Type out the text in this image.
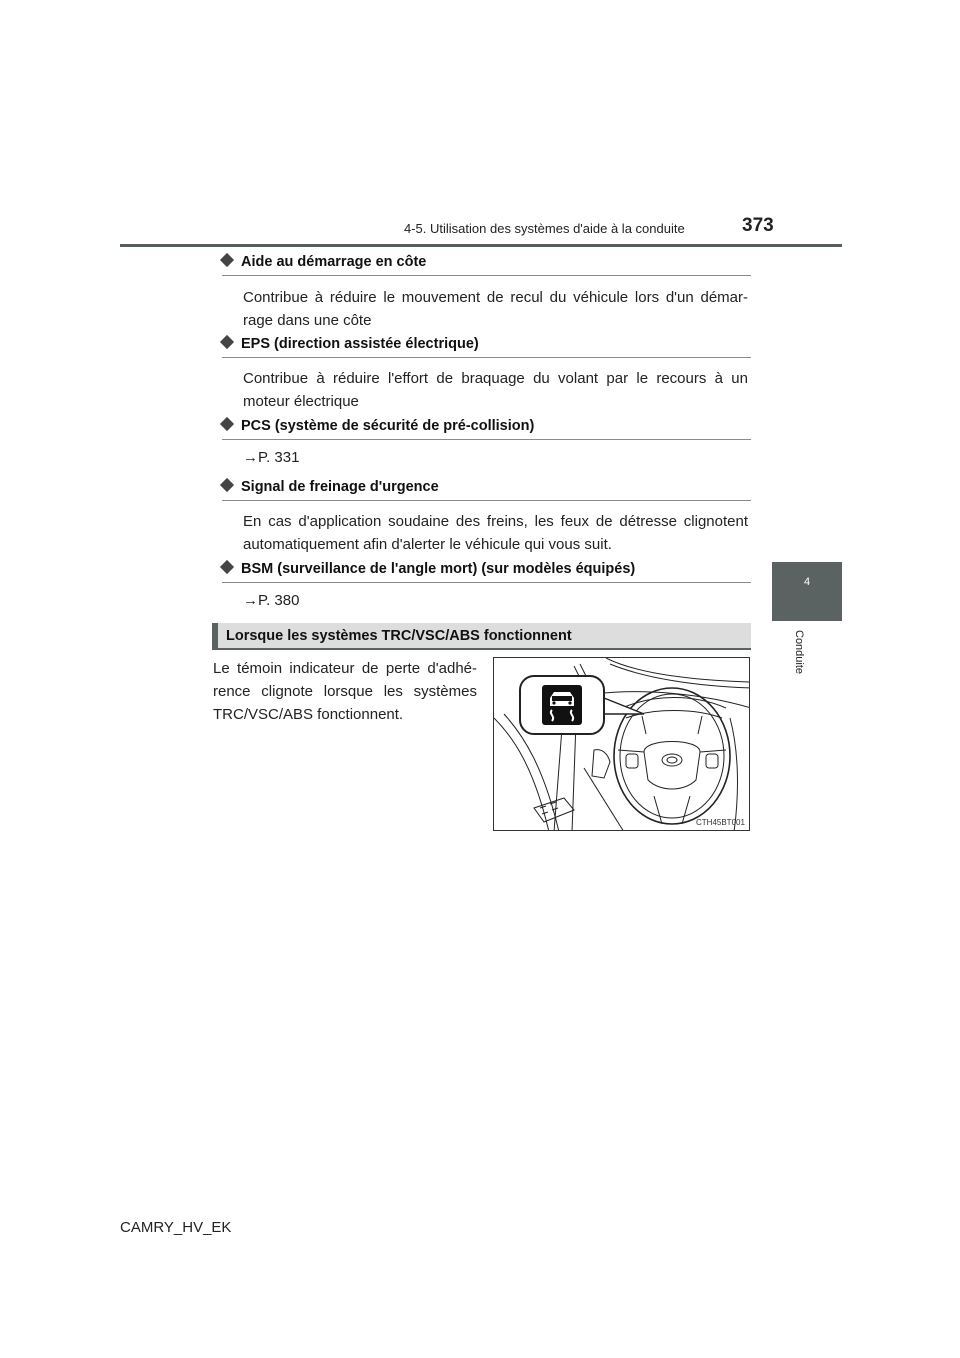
4-5. Utilisation des systèmes d'aide à la conduite	373
4
Conduite
Aide au démarrage en côte
Contribue à réduire le mouvement de recul du véhicule lors d'un démar-
rage dans une côte
EPS (direction assistée électrique)
Contribue à réduire l'effort de braquage du volant par le recours à un
moteur électrique
PCS (système de sécurité de pré-collision)
→P. 331
Signal de freinage d'urgence
En cas d'application soudaine des freins, les feux de détresse clignotent
automatiquement afin d'alerter le véhicule qui vous suit.
BSM (surveillance de l'angle mort) (sur modèles équipés)
→P. 380
Lorsque les systèmes TRC/VSC/ABS fonctionnent
Le témoin indicateur de perte d'adhé-
rence clignote lorsque les systèmes
TRC/VSC/ABS fonctionnent.
CTH45BT001
CAMRY_HV_EK
